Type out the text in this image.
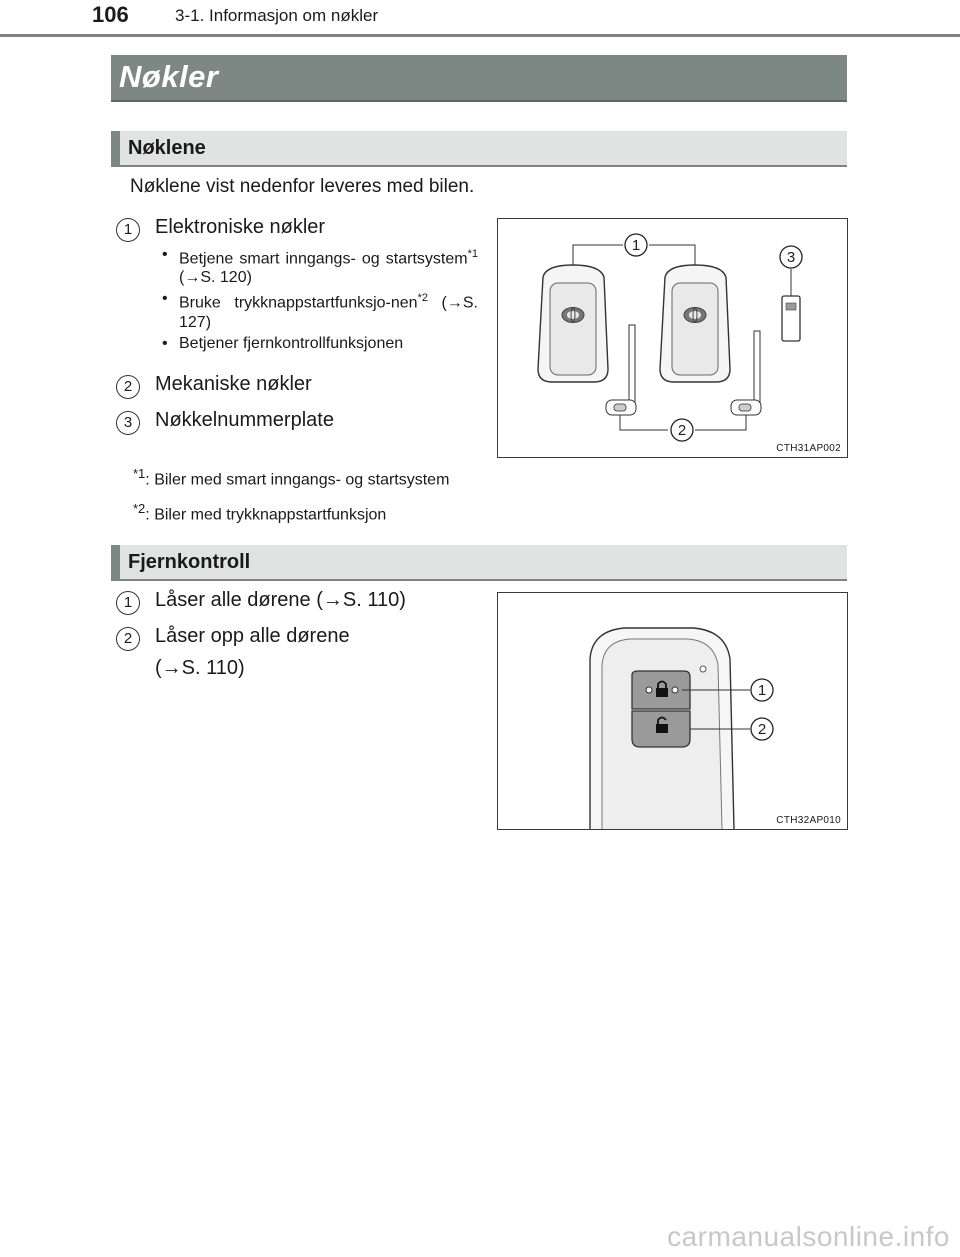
106	3-1. Informasjon om nøkler
Nøkler
Nøklene
Nøklene vist nedenfor leveres med bilen.
1	Elektroniske nøkler
• Betjene smart inngangs- og startsystem$^{*1}$ (→S. 120)
• Bruke trykknappstartfunksjo-nen$^{*2}$ (→S. 127)
• Betjener fjernkontrollfunksjonen
2	Mekaniske nøkler
3	Nøkkelnummerplate
1
3
2
CTH31AP002
$^{*1}$: Biler med smart inngangs- og startsystem
$^{*2}$: Biler med trykknappstartfunksjon
Fjernkontroll
1	Låser alle dørene (→S. 110)
2	Låser opp alle dørene
(→S. 110)
1
2
CTH32AP010
carmanualsonline.info
